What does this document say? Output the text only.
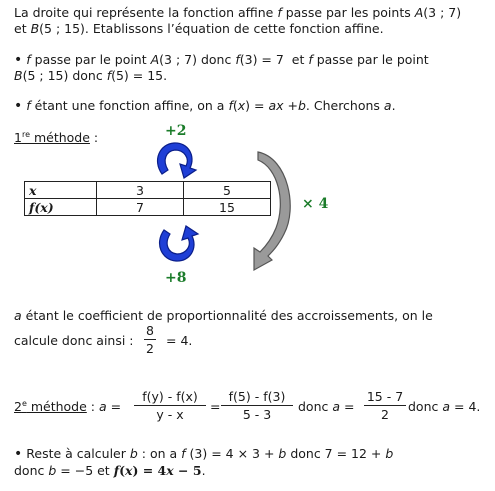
La droite qui représente la fonction affine f passe par les points A(3 ; 7)
et B(5 ; 15). Etablissons l’équation de cette fonction affine.
• f passe par le point A(3 ; 7) donc f(3) = 7  et f passe par le point
B(5 ; 15) donc f(5) = 15.
• f étant une fonction affine, on a f(x) = ax +b. Cherchons a.
1re méthode :	+2
+8
× 4
x	3	5
f(x)	7	15
a étant le coefficient de proportionnalité des accroissements, on le
calcule donc ainsi : $\frac{8}{2} = 4$.
2e méthode : $a = \frac{f(y) - f(x)}{y - x} = \frac{f(5) - f(3)}{5 - 3}$ donc $a = \frac{15 - 7}{2}$ donc a = 4.
• Reste à calculer b : on a f (3) = 4 × 3 + b donc 7 = 12 + b
donc b = −5 et f(x) = 4x − 5.
